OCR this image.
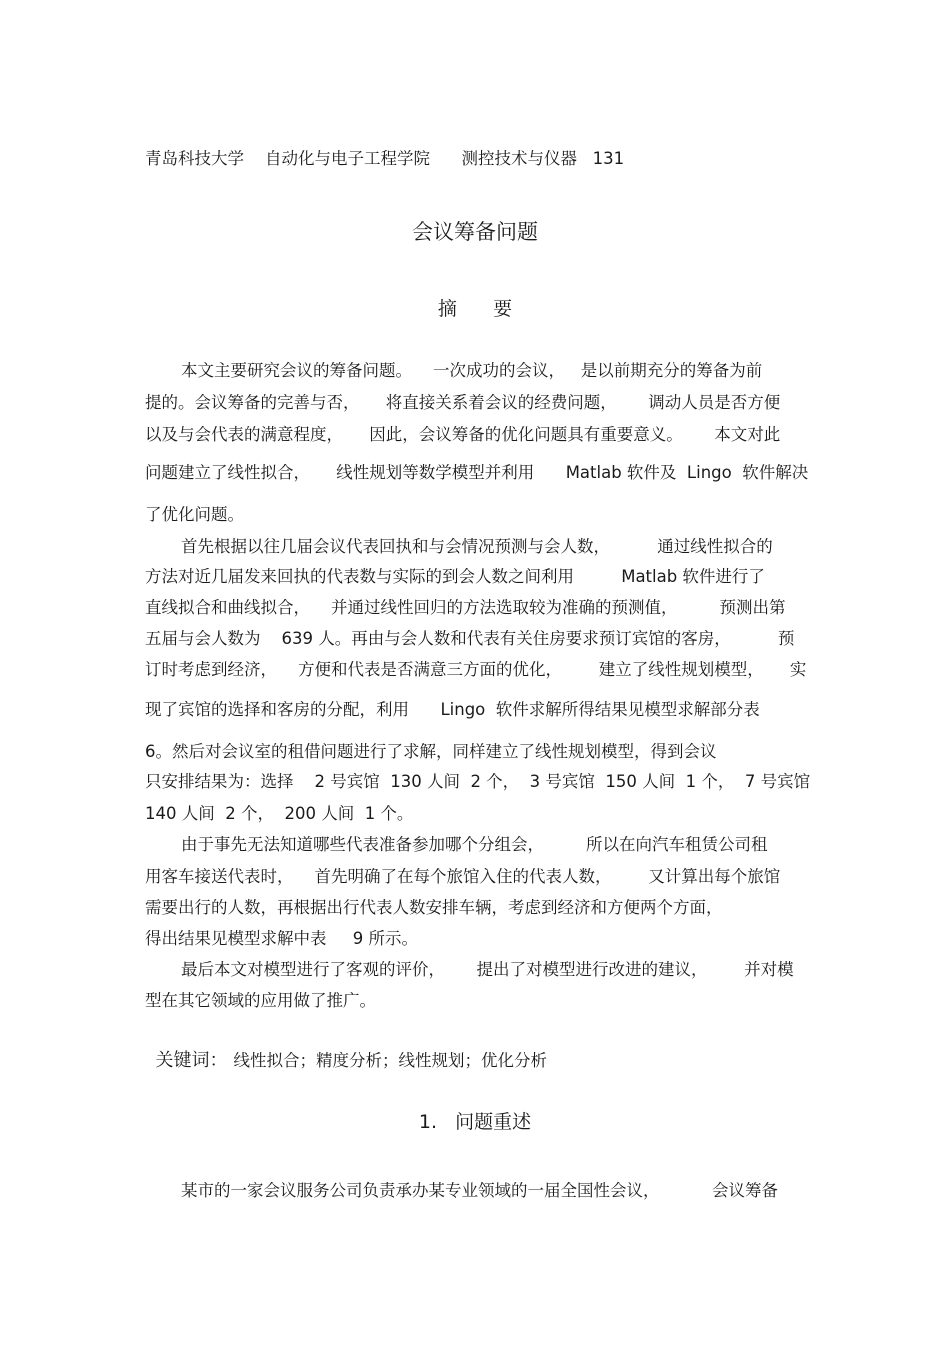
青岛科技大学    自动化与电子工程学院      测控技术与仪器   131
会议筹备问题
摘      要
本文主要研究会议的筹备问题。    一次成功的会议，   是以前期充分的筹备为前
提的。会议筹备的完善与否，     将直接关系着会议的经费问题，      调动人员是否方便
以及与会代表的满意程度，     因此，会议筹备的优化问题具有重要意义。      本文对此
问题建立了线性拟合，     线性规划等数学模型并利用      Matlab 软件及  Lingo  软件解决
了优化问题。
首先根据以往几届会议代表回执和与会情况预测与会人数，         通过线性拟合的
方法对近几届发来回执的代表数与实际的到会人数之间利用         Matlab 软件进行了
直线拟合和曲线拟合，    并通过线性回归的方法选取较为准确的预测值，        预测出第
五届与会人数为    639 人。再由与会人数和代表有关住房要求预订宾馆的客房，         预
订时考虑到经济，    方便和代表是否满意三方面的优化，       建立了线性规划模型，     实
现了宾馆的选择和客房的分配，利用      Lingo  软件求解所得结果见模型求解部分表
6。然后对会议室的租借问题进行了求解，同样建立了线性规划模型，得到会议
只安排结果为：选择    2 号宾馆  130 人间  2 个，  3 号宾馆  150 人间  1 个，  7 号宾馆
140 人间  2 个，  200 人间  1 个。
由于事先无法知道哪些代表准备参加哪个分组会，        所以在向汽车租赁公司租
用客车接送代表时，    首先明确了在每个旅馆入住的代表人数，       又计算出每个旅馆
需要出行的人数，再根据出行代表人数安排车辆，考虑到经济和方便两个方面，
得出结果见模型求解中表     9 所示。
最后本文对模型进行了客观的评价，      提出了对模型进行改进的建议，       并对模
型在其它领域的应用做了推广。

关键词： 线性拟合；精度分析；线性规划；优化分析

1.   问题重述
某市的一家会议服务公司负责承办某专业领域的一届全国性会议，          会议筹备
